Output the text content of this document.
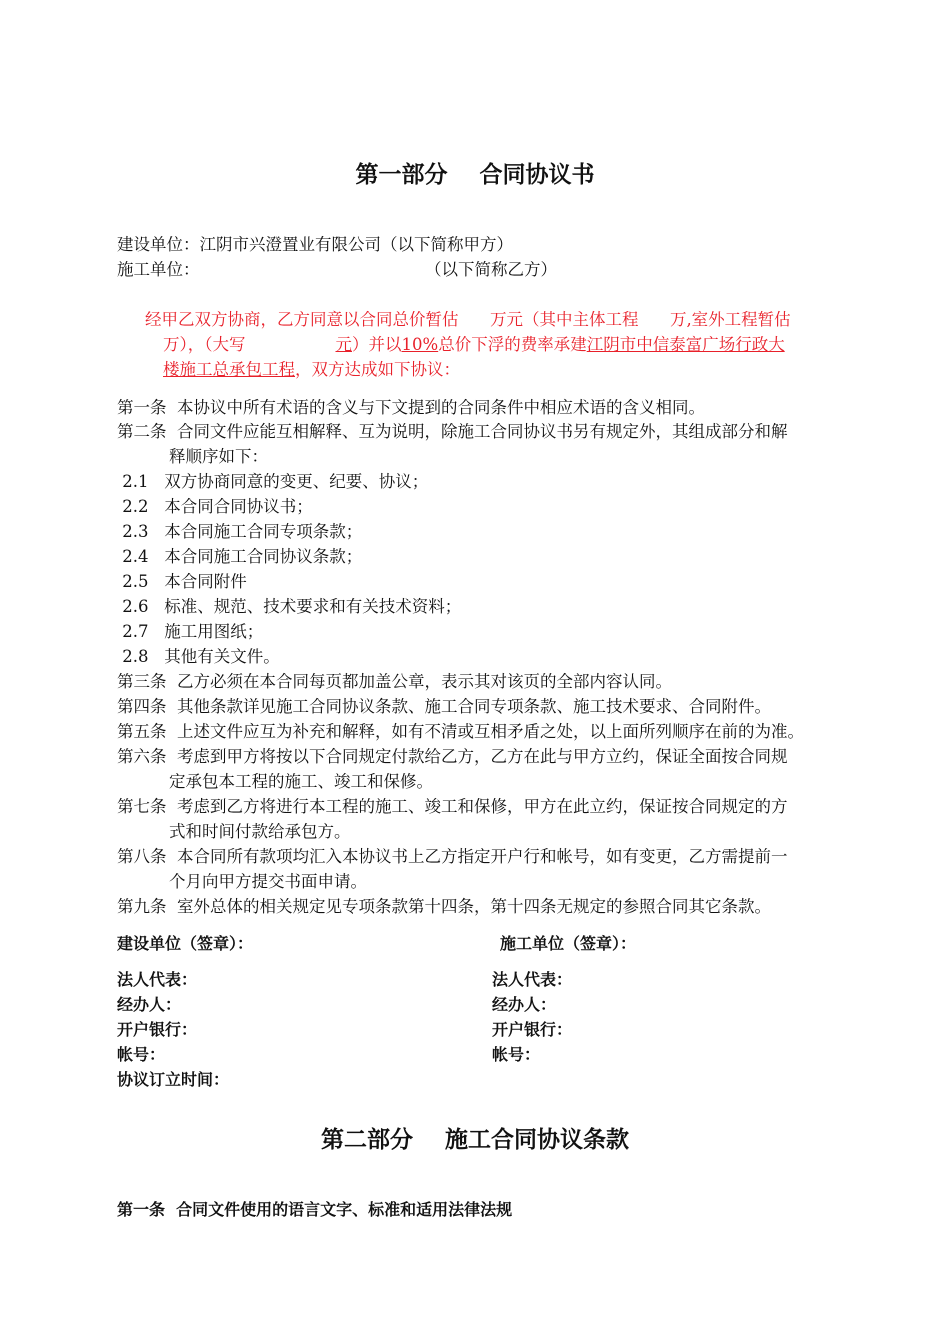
第一部分    合同协议书
建设单位：江阴市兴澄置业有限公司（以下简称甲方）
施工单位：	（以下简称乙方）
经甲乙双方协商，乙方同意以合同总价暂估      万元（其中主体工程      万,室外工程暂估
万），（大写	元）并以10%总价下浮的费率承建江阴市中信泰富广场行政大
楼施工总承包工程，双方达成如下协议：
第一条  本协议中所有术语的含义与下文提到的合同条件中相应术语的含义相同。
第二条  合同文件应能互相解释、互为说明，除施工合同协议书另有规定外，其组成部分和解
释顺序如下：
2.1   双方协商同意的变更、纪要、协议；
2.2   本合同合同协议书；
2.3   本合同施工合同专项条款；
2.4   本合同施工合同协议条款；
2.5   本合同附件
2.6   标准、规范、技术要求和有关技术资料；
2.7   施工用图纸；
2.8   其他有关文件。
第三条  乙方必须在本合同每页都加盖公章，表示其对该页的全部内容认同。
第四条  其他条款详见施工合同协议条款、施工合同专项条款、施工技术要求、合同附件。
第五条  上述文件应互为补充和解释，如有不清或互相矛盾之处，以上面所列顺序在前的为准。
第六条  考虑到甲方将按以下合同规定付款给乙方，乙方在此与甲方立约，保证全面按合同规
定承包本工程的施工、竣工和保修。
第七条  考虑到乙方将进行本工程的施工、竣工和保修，甲方在此立约，保证按合同规定的方
式和时间付款给承包方。
第八条  本合同所有款项均汇入本协议书上乙方指定开户行和帐号，如有变更，乙方需提前一
个月向甲方提交书面申请。
第九条  室外总体的相关规定见专项条款第十四条，第十四条无规定的参照合同其它条款。
建设单位（签章）：	施工单位（签章）：
法人代表：	法人代表：
经办人：	经办人：
开户银行：	开户银行：
帐号：	帐号：
协议订立时间：
第二部分    施工合同协议条款
第一条  合同文件使用的语言文字、标准和适用法律法规
